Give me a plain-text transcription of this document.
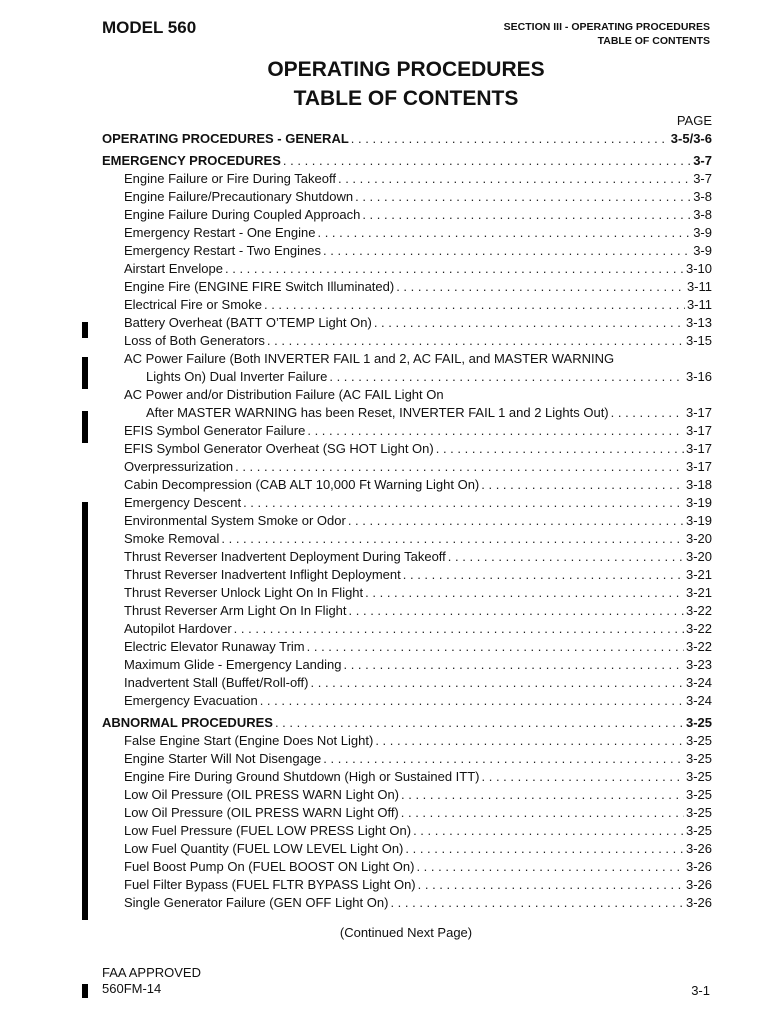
MODEL 560	SECTION III - OPERATING PROCEDURES
TABLE OF CONTENTS
OPERATING PROCEDURES
TABLE OF CONTENTS
PAGE
OPERATING PROCEDURES - GENERAL . . .	3-5/3-6
EMERGENCY PROCEDURES . . .	3-7
Engine Failure or Fire During Takeoff . . .	3-7
Engine Failure/Precautionary Shutdown . . .	3-8
Engine Failure During Coupled Approach . . .	3-8
Emergency Restart - One Engine . . .	3-9
Emergency Restart - Two Engines . . .	3-9
Airstart Envelope . . .	3-10
Engine Fire (ENGINE FIRE Switch Illuminated) . . .	3-11
Electrical Fire or Smoke . . .	3-11
Battery Overheat (BATT O’TEMP Light On) . . .	3-13
Loss of Both Generators . . .	3-15
AC Power Failure (Both INVERTER FAIL 1 and 2, AC FAIL, and MASTER WARNING
Lights On) Dual Inverter Failure . . .	3-16
AC Power and/or Distribution Failure (AC FAIL Light On
After MASTER WARNING has been Reset, INVERTER FAIL 1 and 2 Lights Out) . . .	3-17
EFIS Symbol Generator Failure . . .	3-17
EFIS Symbol Generator Overheat (SG HOT Light On) . . .	3-17
Overpressurization . . .	3-17
Cabin Decompression (CAB ALT 10,000 Ft Warning Light On) . . .	3-18
Emergency Descent . . .	3-19
Environmental System Smoke or Odor . . .	3-19
Smoke Removal . . .	3-20
Thrust Reverser Inadvertent Deployment During Takeoff . . .	3-20
Thrust Reverser Inadvertent Inflight Deployment . . .	3-21
Thrust Reverser Unlock Light On In Flight . . .	3-21
Thrust Reverser Arm Light On In Flight . . .	3-22
Autopilot Hardover . . .	3-22
Electric Elevator Runaway Trim . . .	3-22
Maximum Glide - Emergency Landing . . .	3-23
Inadvertent Stall (Buffet/Roll-off) . . .	3-24
Emergency Evacuation . . .	3-24
ABNORMAL PROCEDURES . . .	3-25
False Engine Start (Engine Does Not Light) . . .	3-25
Engine Starter Will Not Disengage . . .	3-25
Engine Fire During Ground Shutdown (High or Sustained ITT) . . .	3-25
Low Oil Pressure (OIL PRESS WARN Light On) . . .	3-25
Low Oil Pressure (OIL PRESS WARN Light Off) . . .	3-25
Low Fuel Pressure (FUEL LOW PRESS Light On) . . .	3-25
Low Fuel Quantity (FUEL LOW LEVEL Light On) . . .	3-26
Fuel Boost Pump On (FUEL BOOST ON Light On) . . .	3-26
Fuel Filter Bypass (FUEL FLTR BYPASS Light On) . . .	3-26
Single Generator Failure (GEN OFF Light On) . . .	3-26
(Continued Next Page)
FAA APPROVED
560FM-14	3-1
